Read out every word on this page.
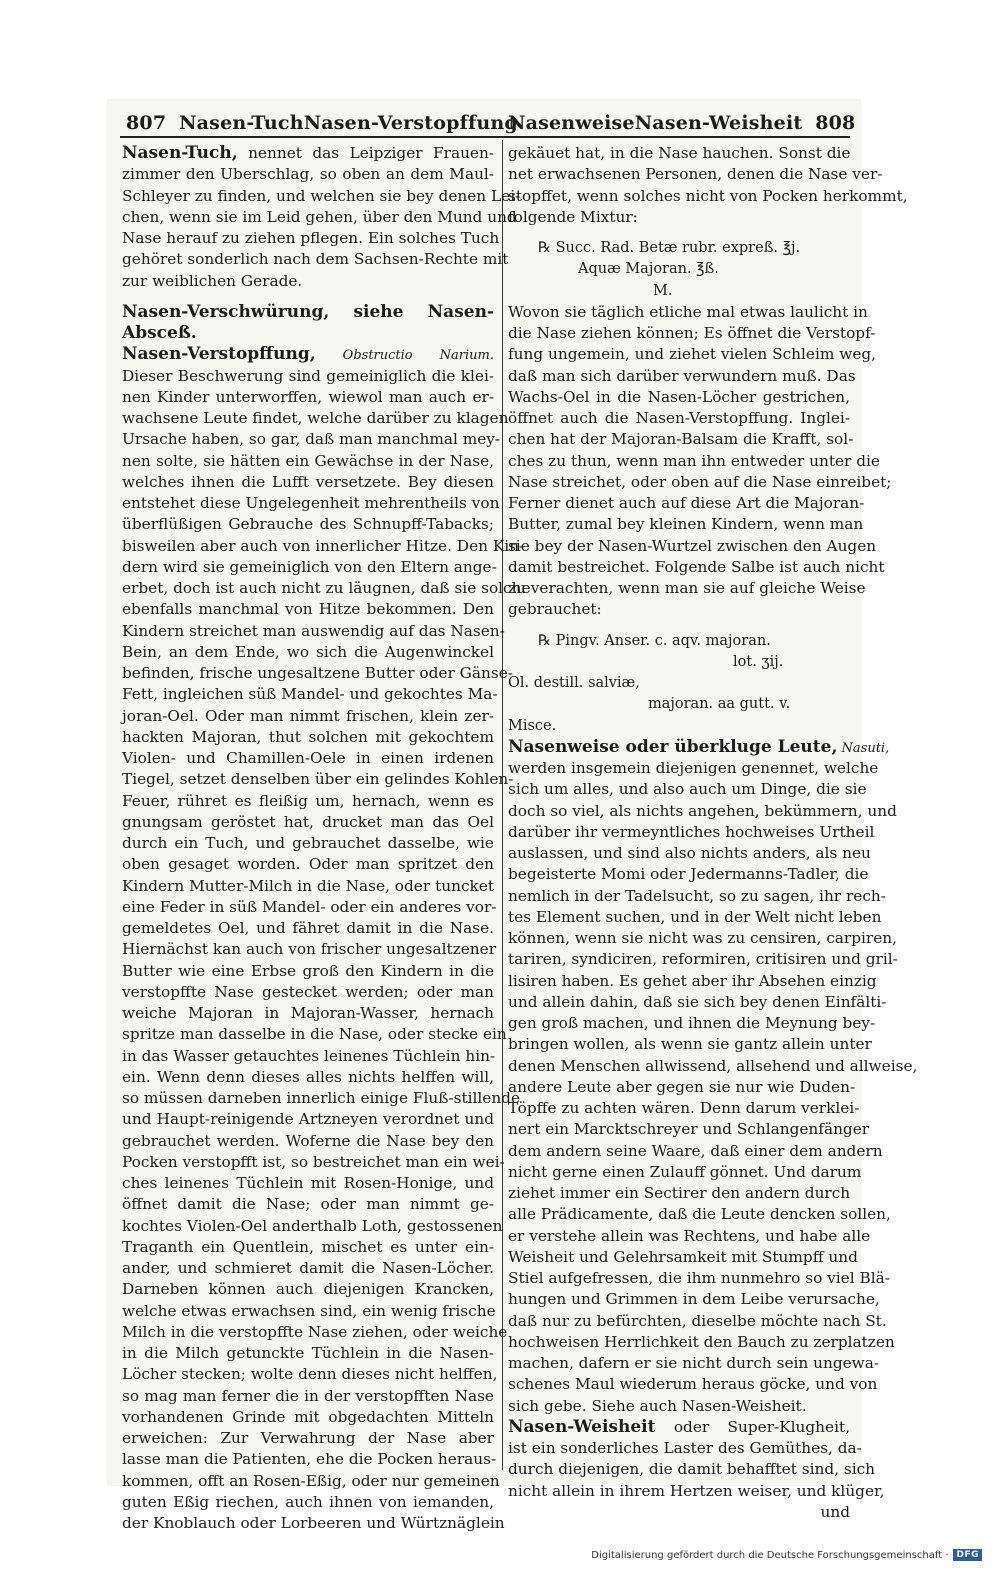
807 Nasen-Tuch Nasen-Verstopffung
Nasenweise Nasen-Weisheit 808
Nasen-Tuch, nennet das Leipziger Frauen-
zimmer den Uberschlag, so oben an dem Maul-
Schleyer zu finden, und welchen sie bey denen Lei-
chen, wenn sie im Leid gehen, über den Mund und
Nase herauf zu ziehen pflegen. Ein solches Tuch
gehöret sonderlich nach dem Sachsen-Rechte mit
zur weiblichen Gerade.
Nasen-Verschwürung, siehe Nasen-
Absceß.
Nasen-Verstopffung, Obstructio Narium.
Dieser Beschwerung sind gemeiniglich die klei-
nen Kinder unterworffen, wiewol man auch er-
wachsene Leute findet, welche darüber zu klagen
Ursache haben, so gar, daß man manchmal mey-
nen solte, sie hätten ein Gewächse in der Nase,
welches ihnen die Lufft versetzete. Bey diesen
entstehet diese Ungelegenheit mehrentheils von
überflüßigen Gebrauche des Schnupff-Tabacks;
bisweilen aber auch von innerlicher Hitze. Den Kin-
dern wird sie gemeiniglich von den Eltern ange-
erbet, doch ist auch nicht zu läugnen, daß sie solche
ebenfalls manchmal von Hitze bekommen. Den
Kindern streichet man auswendig auf das Nasen-
Bein, an dem Ende, wo sich die Augenwinckel
befinden, frische ungesaltzene Butter oder Gänse-
Fett, ingleichen süß Mandel- und gekochtes Ma-
joran-Oel. Oder man nimmt frischen, klein zer-
hackten Majoran, thut solchen mit gekochtem
Violen- und Chamillen-Oele in einen irdenen
Tiegel, setzet denselben über ein gelindes Kohlen-
Feuer, rühret es fleißig um, hernach, wenn es
gnungsam geröstet hat, drucket man das Oel
durch ein Tuch, und gebrauchet dasselbe, wie
oben gesaget worden. Oder man spritzet den
Kindern Mutter-Milch in die Nase, oder tuncket
eine Feder in süß Mandel- oder ein anderes vor-
gemeldetes Oel, und fähret damit in die Nase.
Hiernächst kan auch von frischer ungesaltzener
Butter wie eine Erbse groß den Kindern in die
verstopffte Nase gestecket werden; oder man
weiche Majoran in Majoran-Wasser, hernach
spritze man dasselbe in die Nase, oder stecke ein
in das Wasser getauchtes leinenes Tüchlein hin-
ein. Wenn denn dieses alles nichts helffen will,
so müssen darneben innerlich einige Fluß-stillende
und Haupt-reinigende Artzneyen verordnet und
gebrauchet werden. Woferne die Nase bey den
Pocken verstopfft ist, so bestreichet man ein wei-
ches leinenes Tüchlein mit Rosen-Honige, und
öffnet damit die Nase; oder man nimmt ge-
kochtes Violen-Oel anderthalb Loth, gestossenen
Traganth ein Quentlein, mischet es unter ein-
ander, und schmieret damit die Nasen-Löcher.
Darneben können auch diejenigen Krancken,
welche etwas erwachsen sind, ein wenig frische
Milch in die verstopffte Nase ziehen, oder weiche
in die Milch getunckte Tüchlein in die Nasen-
Löcher stecken; wolte denn dieses nicht helffen,
so mag man ferner die in der verstopfften Nase
vorhandenen Grinde mit obgedachten Mitteln
erweichen: Zur Verwahrung der Nase aber
lasse man die Patienten, ehe die Pocken heraus-
kommen, offt an Rosen-Eßig, oder nur gemeinen
guten Eßig riechen, auch ihnen von iemanden,
der Knoblauch oder Lorbeeren und Würtznäglein
gekäuet hat, in die Nase hauchen. Sonst die
net erwachsenen Personen, denen die Nase ver-
stopffet, wenn solches nicht von Pocken herkommt,
folgende Mixtur:
℞ Succ. Rad. Betæ rubr. expreß. ℥j.
Aquæ Majoran. ℥ß.
M.
Wovon sie täglich etliche mal etwas laulicht in
die Nase ziehen können; Es öffnet die Verstopf-
fung ungemein, und ziehet vielen Schleim weg,
daß man sich darüber verwundern muß. Das
Wachs-Oel in die Nasen-Löcher gestrichen,
öffnet auch die Nasen-Verstopffung. Inglei-
chen hat der Majoran-Balsam die Krafft, sol-
ches zu thun, wenn man ihn entweder unter die
Nase streichet, oder oben auf die Nase einreibet;
Ferner dienet auch auf diese Art die Majoran-
Butter, zumal bey kleinen Kindern, wenn man
sie bey der Nasen-Wurtzel zwischen den Augen
damit bestreichet. Folgende Salbe ist auch nicht
zu verachten, wenn man sie auf gleiche Weise
gebrauchet:
℞ Pingv. Anser. c. aqv. majoran.
lot. ʒij.
Ol. destill. salviæ,
majoran. aa gutt. v.
Misce.
Nasenweise oder überkluge Leute, Nasuti,
werden insgemein diejenigen genennet, welche
sich um alles, und also auch um Dinge, die sie
doch so viel, als nichts angehen, bekümmern, und
darüber ihr vermeyntliches hochweises Urtheil
auslassen, und sind also nichts anders, als neu
begeisterte Momi oder Jedermanns-Tadler, die
nemlich in der Tadelsucht, so zu sagen, ihr rech-
tes Element suchen, und in der Welt nicht leben
können, wenn sie nicht was zu censiren, carpiren,
tariren, syndiciren, reformiren, critisiren und gril-
lisiren haben. Es gehet aber ihr Absehen einzig
und allein dahin, daß sie sich bey denen Einfälti-
gen groß machen, und ihnen die Meynung bey-
bringen wollen, als wenn sie gantz allein unter
denen Menschen allwissend, allsehend und allweise,
andere Leute aber gegen sie nur wie Duden-
Töpffe zu achten wären. Denn darum verklei-
nert ein Marcktschreyer und Schlangenfänger
dem andern seine Waare, daß einer dem andern
nicht gerne einen Zulauff gönnet. Und darum
ziehet immer ein Sectirer den andern durch
alle Prädicamente, daß die Leute dencken sollen,
er verstehe allein was Rechtens, und habe alle
Weisheit und Gelehrsamkeit mit Stumpff und
Stiel aufgefressen, die ihm nunmehro so viel Blä-
hungen und Grimmen in dem Leibe verursache,
daß nur zu befürchten, dieselbe möchte nach St.
hochweisen Herrlichkeit den Bauch zu zerplatzen
machen, dafern er sie nicht durch sein ungewa-
schenes Maul wiederum heraus göcke, und von
sich gebe. Siehe auch Nasen-Weisheit.
Nasen-Weisheit oder Super-Klugheit,
ist ein sonderliches Laster des Gemüthes, da-
durch diejenigen, die damit behafftet sind, sich
nicht allein in ihrem Hertzen weiser, und klüger,
und
Digitalisierung gefördert durch die Deutsche Forschungsgemeinschaft · DFG
